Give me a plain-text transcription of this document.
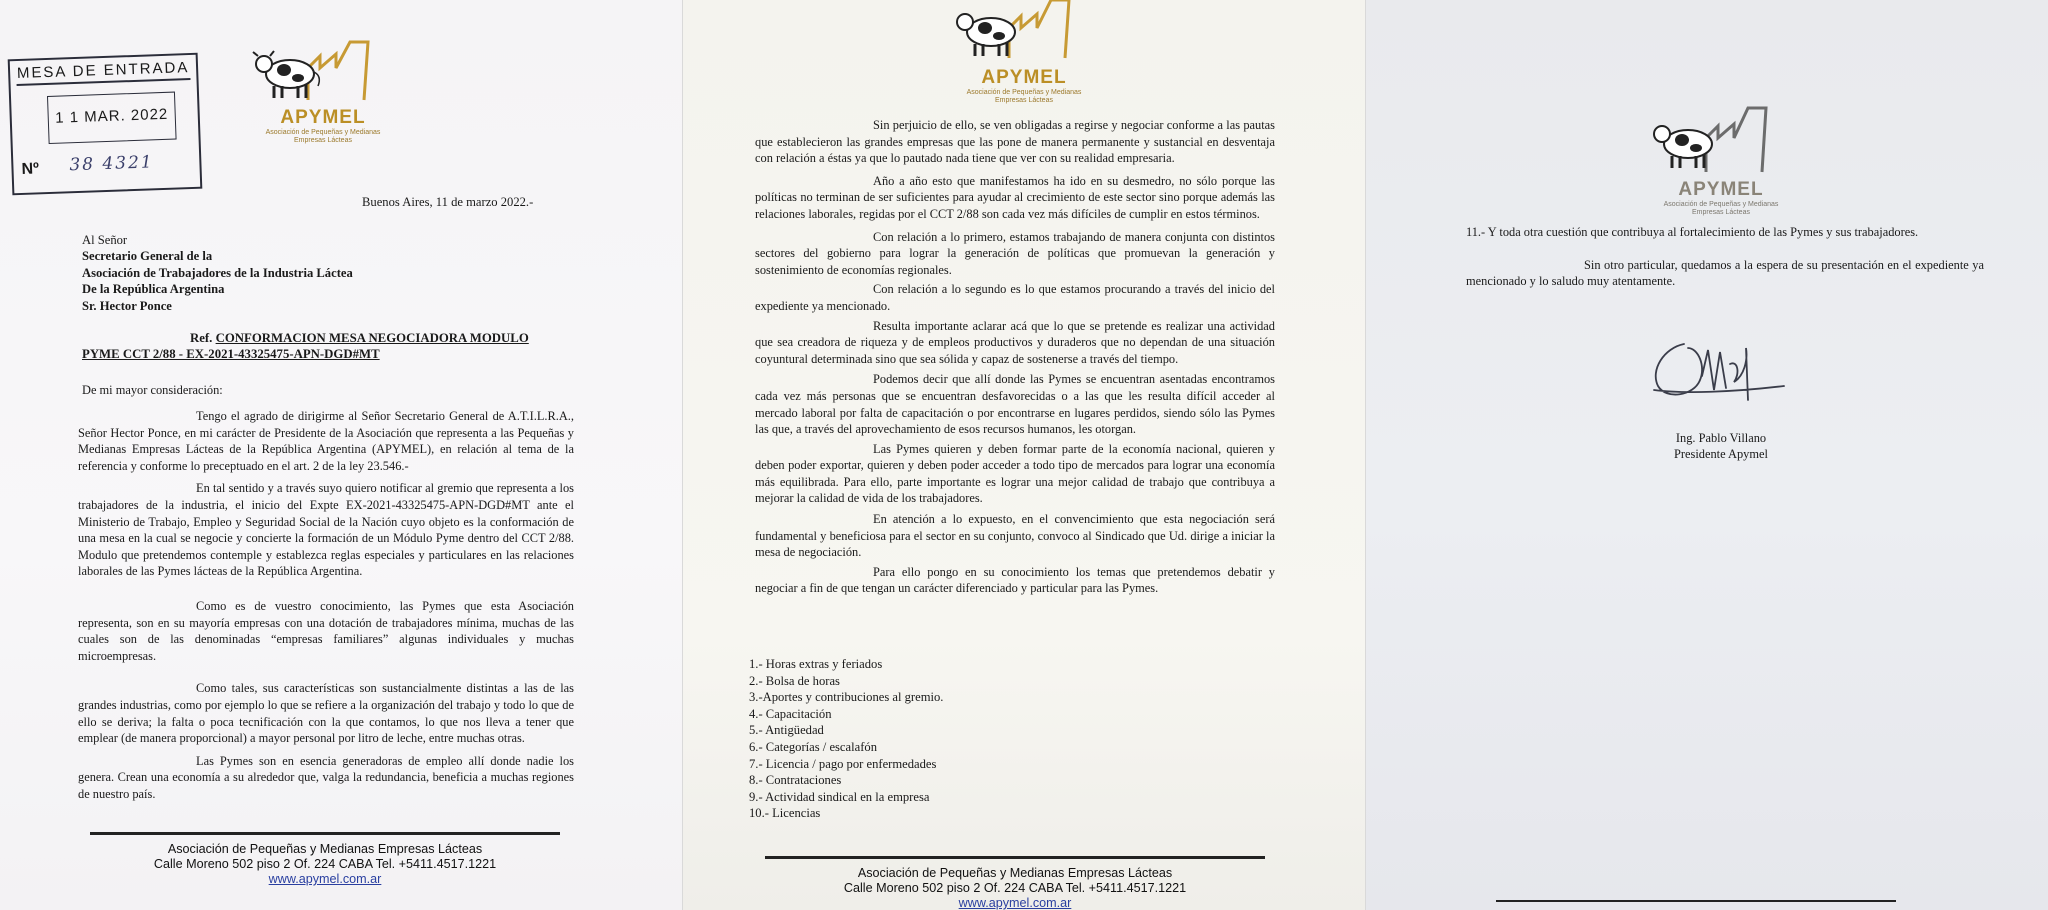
MESA DE ENTRADA
1 1 MAR. 2022
Nº 38 4321
APYMEL
Asociación de Pequeñas y Medianas
Empresas Lácteas
Buenos Aires, 11 de marzo 2022.-
Al Señor
Secretario General de la
Asociación de Trabajadores de la Industria Láctea
De la República Argentina
Sr. Hector Ponce
Ref. CONFORMACION MESA NEGOCIADORA MODULO
PYME CCT 2/88 - EX-2021-43325475-APN-DGD#MT
De mi mayor consideración:

Tengo el agrado de dirigirme al Señor Secretario General de A.T.I.L.R.A., Señor Hector Ponce, en mi carácter de Presidente de la Asociación que representa a las Pequeñas y Medianas Empresas Lácteas de la República Argentina (APYMEL), en relación al tema de la referencia y conforme lo preceptuado en el art. 2 de la ley 23.546.-

En tal sentido y a través suyo quiero notificar al gremio que representa a los trabajadores de la industria, el inicio del Expte EX-2021-43325475-APN-DGD#MT ante el Ministerio de Trabajo, Empleo y Seguridad Social de la Nación cuyo objeto es la conformación de una mesa en la cual se negocie y concierte la formación de un Módulo Pyme dentro del CCT 2/88. Modulo que pretendemos contemple y establezca reglas especiales y particulares en las relaciones laborales de las Pymes lácteas de la República Argentina.

Como es de vuestro conocimiento, las Pymes que esta Asociación representa, son en su mayoría empresas con una dotación de trabajadores mínima, muchas de las cuales son de las denominadas “empresas familiares” algunas individuales y muchas microempresas.

Como tales, sus características son sustancialmente distintas a las de las grandes industrias, como por ejemplo lo que se refiere a la organización del trabajo y todo lo que de ello se deriva; la falta o poca tecnificación con la que contamos, lo que nos lleva a tener que emplear (de manera proporcional) a mayor personal por litro de leche, entre muchas otras.

Las Pymes son en esencia generadoras de empleo allí donde nadie los genera. Crean una economía a su alrededor que, valga la redundancia, beneficia a muchas regiones de nuestro país.

Asociación de Pequeñas y Medianas Empresas Lácteas
Calle Moreno 502 piso 2 Of. 224 CABA Tel. +5411.4517.1221
www.apymel.com.ar
APYMEL
Asociación de Pequeñas y Medianas
Empresas Lácteas

Sin perjuicio de ello, se ven obligadas a regirse y negociar conforme a las pautas que establecieron las grandes empresas que las pone de manera permanente y sustancial en desventaja con relación a éstas ya que lo pautado nada tiene que ver con su realidad empresaria.

Año a año esto que manifestamos ha ido en su desmedro, no sólo porque las políticas no terminan de ser suficientes para ayudar al crecimiento de este sector sino porque además las relaciones laborales, regidas por el CCT 2/88 son cada vez más difíciles de cumplir en estos términos.

Con relación a lo primero, estamos trabajando de manera conjunta con distintos sectores del gobierno para lograr la generación de políticas que promuevan la generación y sostenimiento de economías regionales.

Con relación a lo segundo es lo que estamos procurando a través del inicio del expediente ya mencionado.

Resulta importante aclarar acá que lo que se pretende es realizar una actividad que sea creadora de riqueza y de empleos productivos y duraderos que no dependan de una situación coyuntural determinada sino que sea sólida y capaz de sostenerse a través del tiempo.

Podemos decir que allí donde las Pymes se encuentran asentadas encontramos cada vez más personas que se encuentran desfavorecidas o a las que les resulta difícil acceder al mercado laboral por falta de capacitación o por encontrarse en lugares perdidos, siendo sólo las Pymes las que, a través del aprovechamiento de esos recursos humanos, les otorgan.

Las Pymes quieren y deben formar parte de la economía nacional, quieren y deben poder exportar, quieren y deben poder acceder a todo tipo de mercados para lograr una economía más equilibrada. Para ello, parte importante es lograr una mejor calidad de trabajo que contribuya a mejorar la calidad de vida de los trabajadores.

En atención a lo expuesto, en el convencimiento que esta negociación será fundamental y beneficiosa para el sector en su conjunto, convoco al Sindicado que Ud. dirige a iniciar la mesa de negociación.

Para ello pongo en su conocimiento los temas que pretendemos debatir y negociar a fin de que tengan un carácter diferenciado y particular para las Pymes.

1.- Horas extras y feriados
2.- Bolsa de horas
3.-Aportes y contribuciones al gremio.
4.- Capacitación
5.- Antigüedad
6.- Categorías / escalafón
7.- Licencia / pago por enfermedades
8.- Contrataciones
9.- Actividad sindical en la empresa
10.- Licencias
Asociación de Pequeñas y Medianas Empresas Lácteas
Calle Moreno 502 piso 2 Of. 224 CABA Tel. +5411.4517.1221
www.apymel.com.ar
APYMEL
Asociación de Pequeñas y Medianas
Empresas Lácteas

11.- Y toda otra cuestión que contribuya al fortalecimiento de las Pymes y sus trabajadores.

Sin otro particular, quedamos a la espera de su presentación en el expediente ya mencionado y lo saludo muy atentamente.

Ing. Pablo Villano
Presidente Apymel
